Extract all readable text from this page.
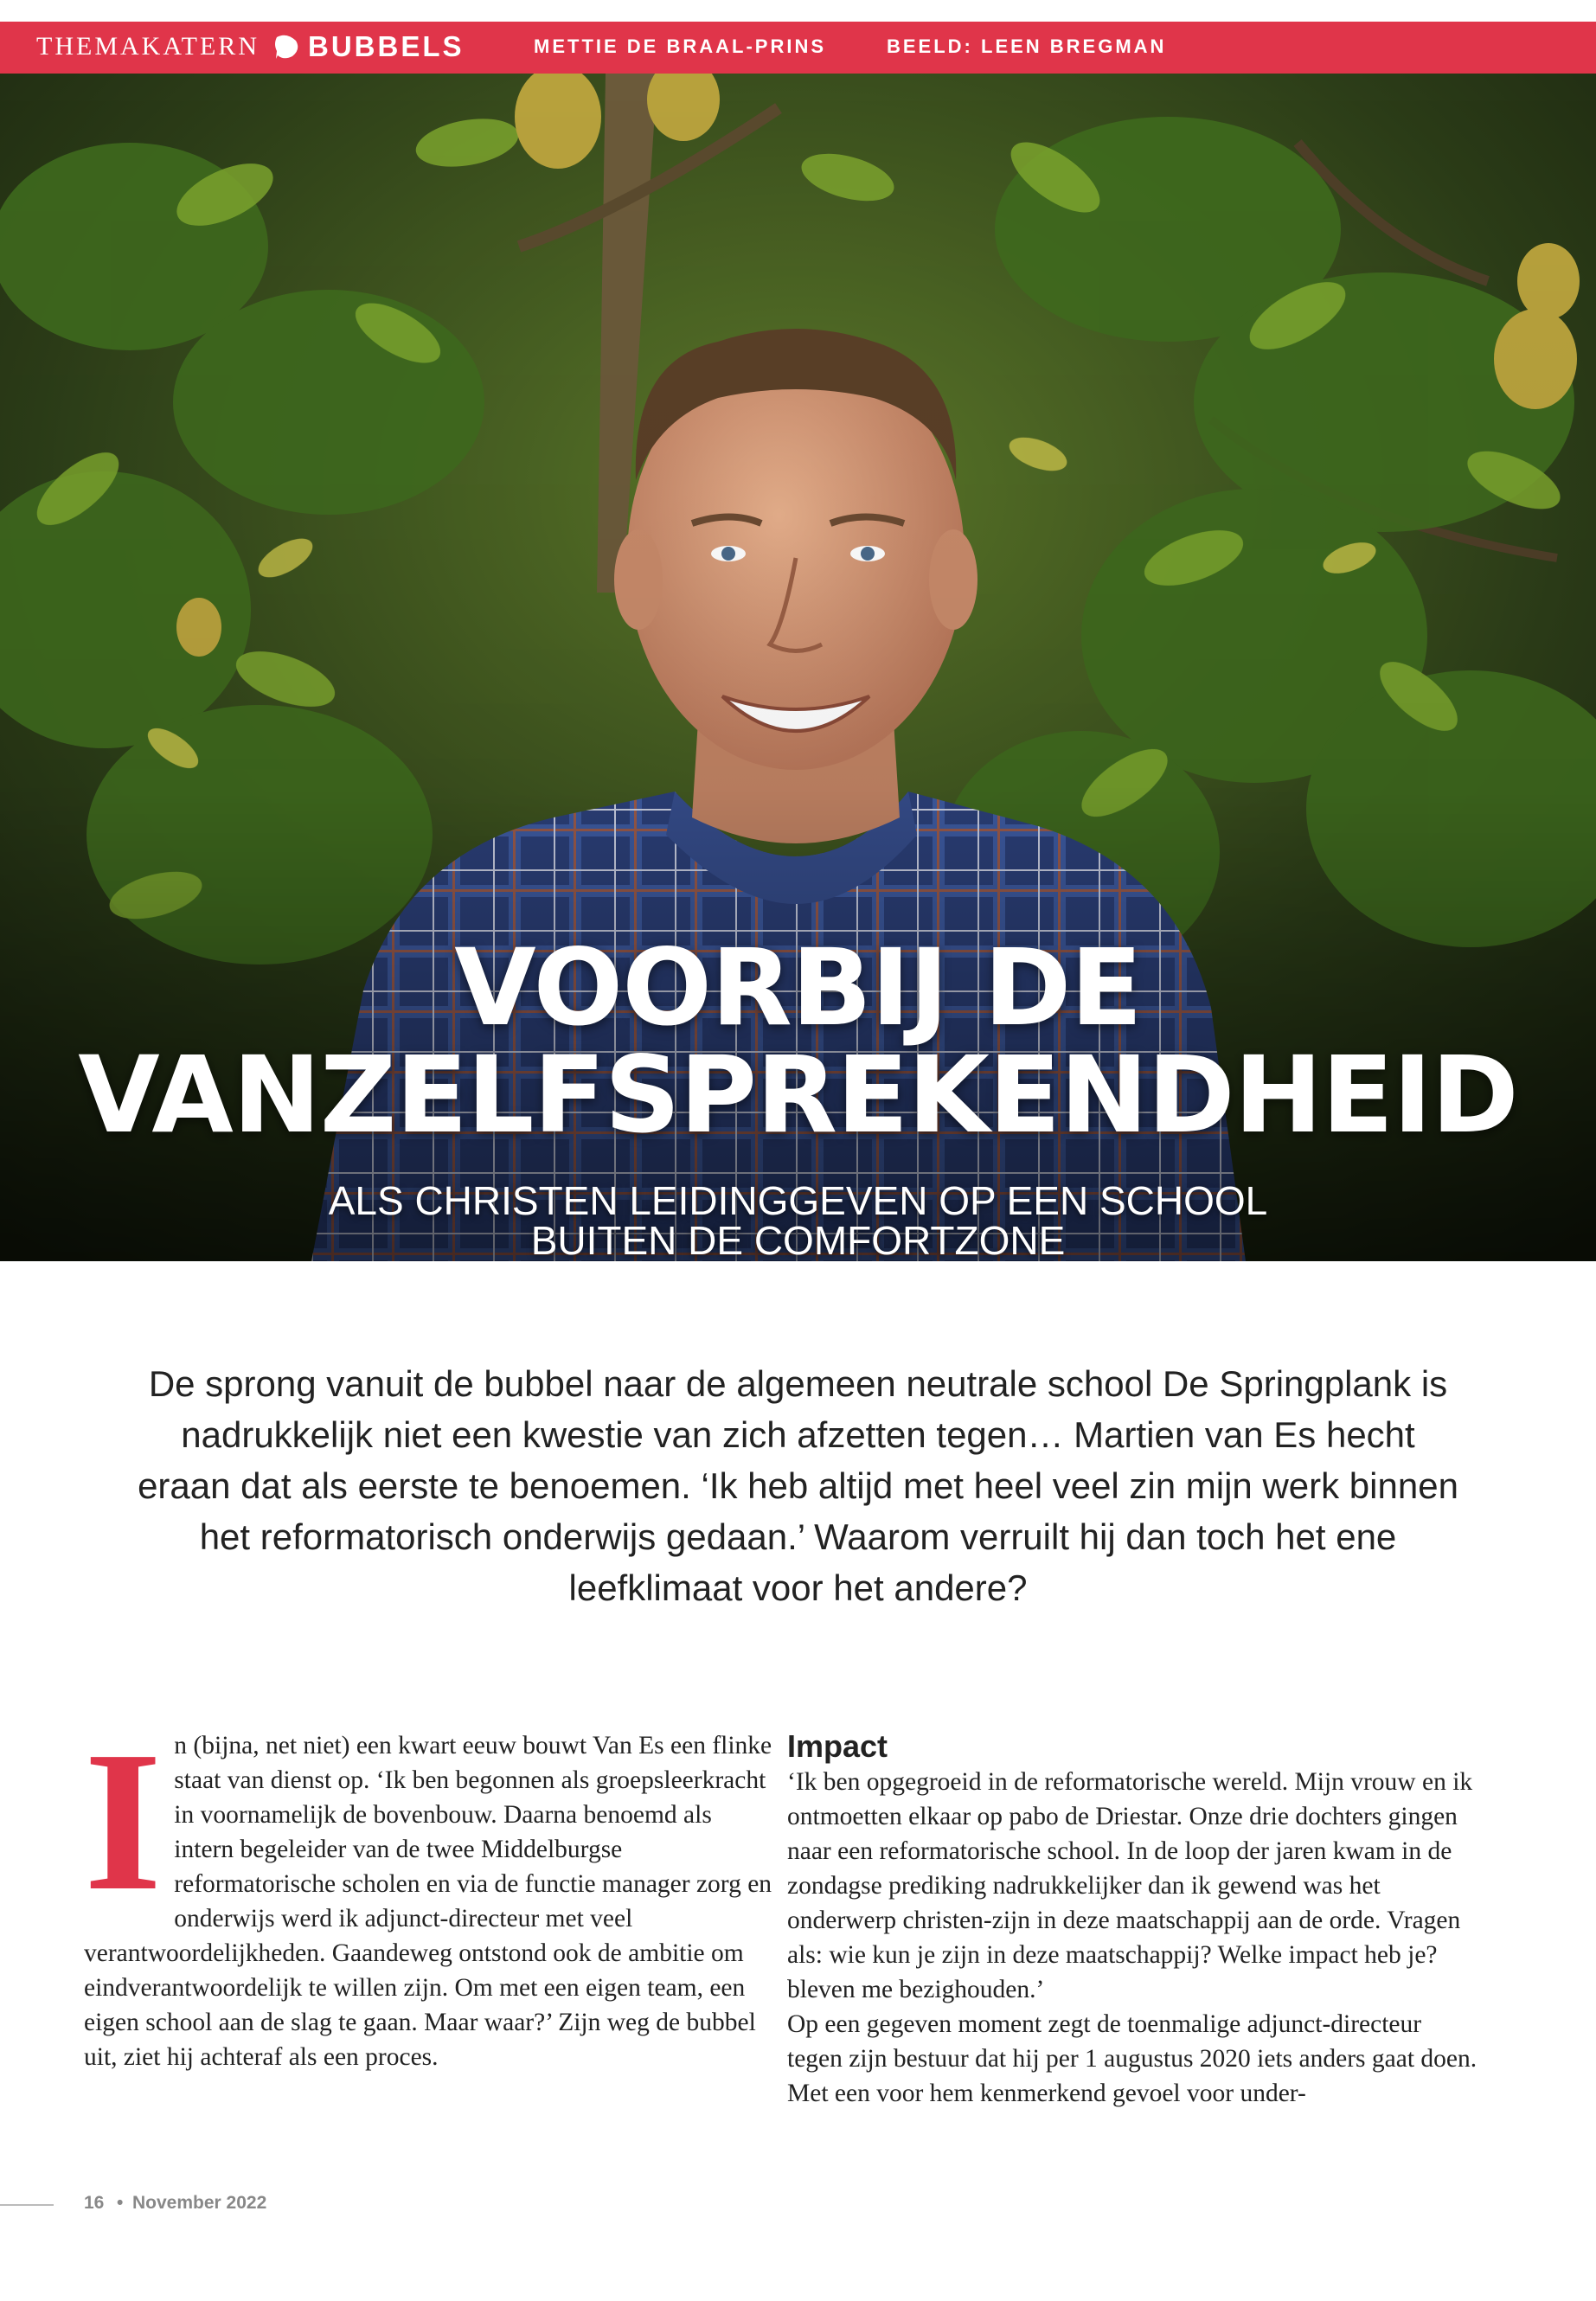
THEMAKATERN BUBBELS	METTIE DE BRAAL-PRINS	BEELD: LEEN BREGMAN
VOORBIJ DE
VANZELFSPREKENDHEID
ALS CHRISTEN LEIDINGGEVEN OP EEN SCHOOL
BUITEN DE COMFORTZONE
De sprong vanuit de bubbel naar de algemeen neutrale school De Springplank is nadrukkelijk niet een kwestie van zich afzetten tegen… Martien van Es hecht eraan dat als eerste te benoemen. ‘Ik heb altijd met heel veel zin mijn werk binnen het reformatorisch onderwijs gedaan.’ Waarom verruilt hij dan toch het ene leefklimaat voor het andere?
I n (bijna, net niet) een kwart eeuw bouwt Van Es een flinke staat van dienst op. ‘Ik ben begonnen als groepsleerkracht in voornamelijk de bovenbouw. Daarna benoemd als intern begeleider van de twee Middelburgse reformatorische scholen en via de functie manager zorg en onderwijs werd ik adjunct-directeur met veel verantwoordelijkheden. Gaandeweg ontstond ook de ambitie om eindverantwoordelijk te willen zijn. Om met een eigen team, een eigen school aan de slag te gaan. Maar waar?’ Zijn weg de bubbel uit, ziet hij achteraf als een proces.

Impact

‘Ik ben opgegroeid in de reformatorische wereld. Mijn vrouw en ik ontmoetten elkaar op pabo de Driestar. Onze drie dochters gingen naar een reformatorische school. In de loop der jaren kwam in de zondagse prediking nadrukkelijker dan ik gewend was het onderwerp christen-zijn in deze maatschappij aan de orde. Vragen als: wie kun je zijn in deze maatschappij? Welke impact heb je? bleven me bezighouden.’

Op een gegeven moment zegt de toenmalige adjunct-directeur tegen zijn bestuur dat hij per 1 augustus 2020 iets anders gaat doen. Met een voor hem kenmerkend gevoel voor under-

16 • November 2022
